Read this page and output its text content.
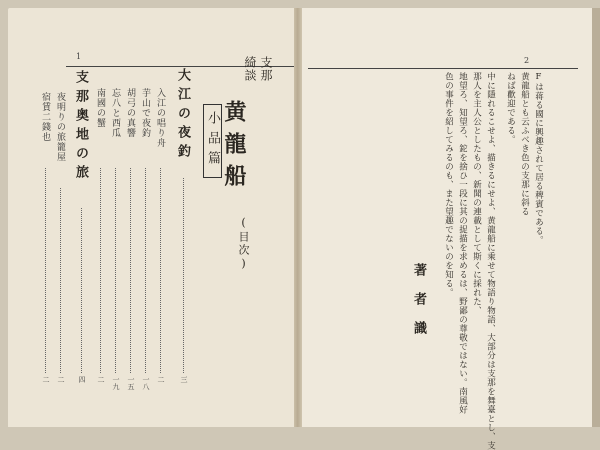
1	支那
綺談
黄龍船
(目次)
小品篇
大江の夜釣
三
入江の唱り舟
二
芋山で夜釣
一八
胡弓の真響
一五
忘八と西瓜
一九
南國の蟹
二
支那奥地の旅
四
夜明りの旅籠屋
二
宿賃二錢也
二
2
Fは蒋る國に興趣されて居る稗賓である。
黄龍船とも云ふべき色の支那に斜る
ねば歡迎である。
中に隱れるこせよ、描きるにせよ、黄龍船に乘せて物語り物語、大部分は支那を舞臺とし、支
那人を主人公としたもの、新聞の連載として斯くに採れた、
地望ろ、知望ろ、鉈を捨ひ一段に其の捉描を求めるは、野鄙の尊敬ではない。南風好
色の事件を紹してみるのも、また望趣でないのを知る。
著者識
